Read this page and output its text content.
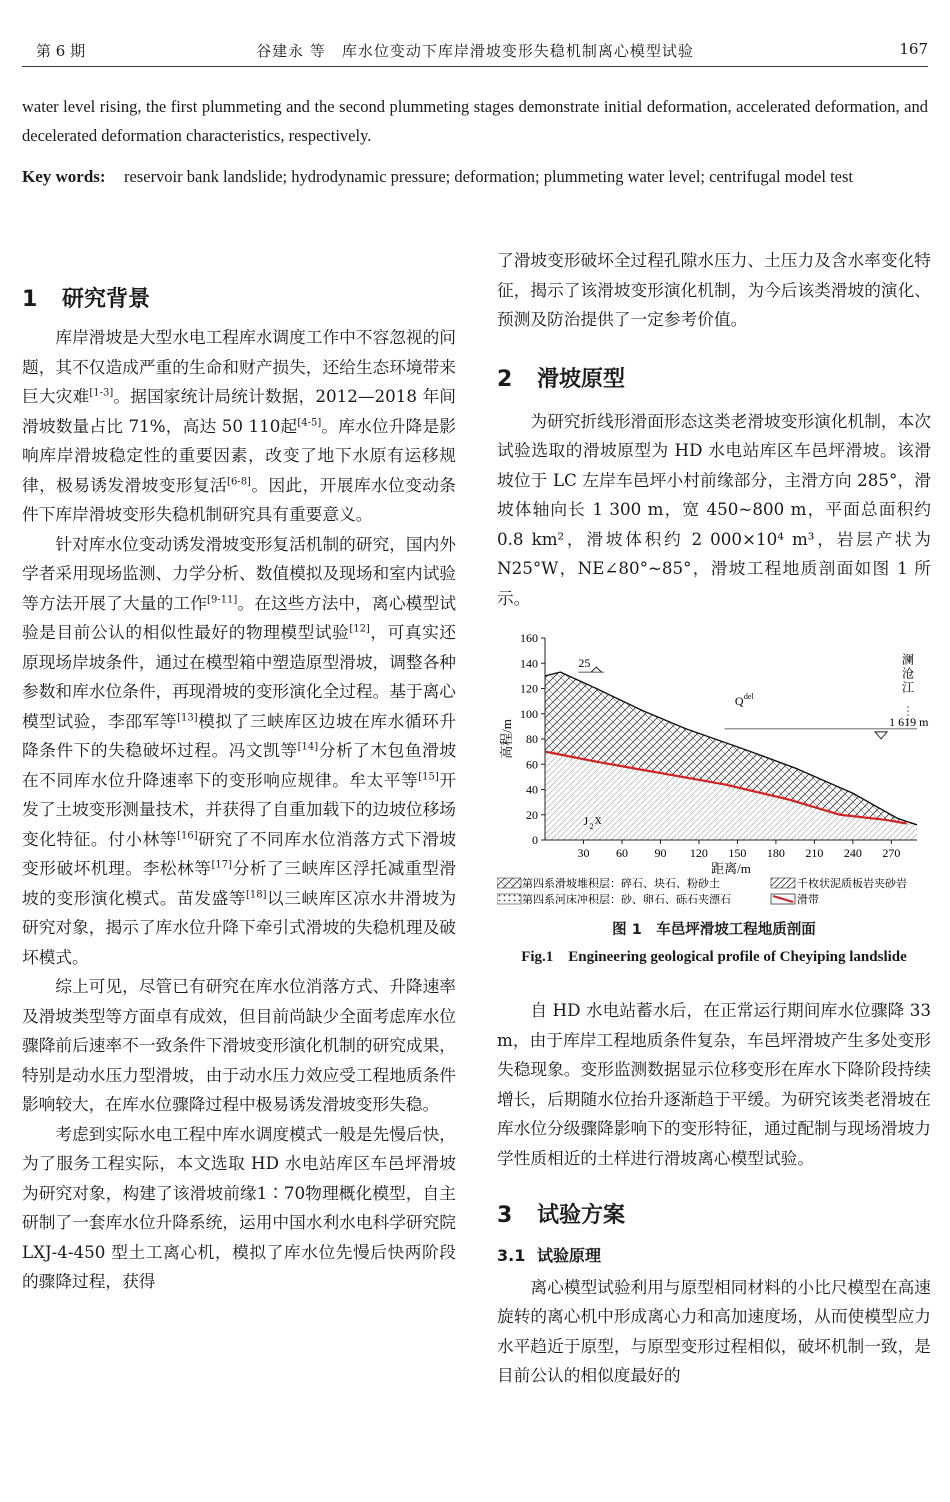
第 6 期	谷建永 等　库水位变动下库岸滑坡变形失稳机制离心模型试验	167
water level rising, the first plummeting and the second plummeting stages demonstrate initial deformation, accelerated deformation, and decelerated deformation characteristics, respectively.
Key words: reservoir bank landslide; hydrodynamic pressure; deformation; plummeting water level; centrifugal model test
1 研究背景

库岸滑坡是大型水电工程库水调度工作中不容忽视的问题，其不仅造成严重的生命和财产损失，还给生态环境带来巨大灾难[1-3]。据国家统计局统计数据，2012—2018 年间滑坡数量占比 71%，高达 50 110起[4-5]。库水位升降是影响库岸滑坡稳定性的重要因素，改变了地下水原有运移规律，极易诱发滑坡变形复活[6-8]。因此，开展库水位变动条件下库岸滑坡变形失稳机制研究具有重要意义。

针对库水位变动诱发滑坡变形复活机制的研究，国内外学者采用现场监测、力学分析、数值模拟及现场和室内试验等方法开展了大量的工作[9-11]。在这些方法中，离心模型试验是目前公认的相似性最好的物理模型试验[12]，可真实还原现场岸坡条件，通过在模型箱中塑造原型滑坡，调整各种参数和库水位条件，再现滑坡的变形演化全过程。基于离心模型试验，李邵军等[13]模拟了三峡库区边坡在库水循环升降条件下的失稳破坏过程。冯文凯等[14]分析了木包鱼滑坡在不同库水位升降速率下的变形响应规律。牟太平等[15]开发了土坡变形测量技术，并获得了自重加载下的边坡位移场变化特征。付小林等[16]研究了不同库水位消落方式下滑坡变形破坏机理。李松林等[17]分析了三峡库区浮托减重型滑坡的变形演化模式。苗发盛等[18]以三峡库区凉水井滑坡为研究对象，揭示了库水位升降下牵引式滑坡的失稳机理及破坏模式。

综上可见，尽管已有研究在库水位消落方式、升降速率及滑坡类型等方面卓有成效，但目前尚缺少全面考虑库水位骤降前后速率不一致条件下滑坡变形演化机制的研究成果，特别是动水压力型滑坡，由于动水压力效应受工程地质条件影响较大，在库水位骤降过程中极易诱发滑坡变形失稳。

考虑到实际水电工程中库水调度模式一般是先慢后快，为了服务工程实际，本文选取 HD 水电站库区车邑坪滑坡为研究对象，构建了该滑坡前缘1∶70物理概化模型，自主研制了一套库水位升降系统，运用中国水利水电科学研究院 LXJ-4-450 型土工离心机，模拟了库水位先慢后快两阶段的骤降过程，获得

了滑坡变形破坏全过程孔隙水压力、土压力及含水率变化特征，揭示了该滑坡变形演化机制，为今后该类滑坡的演化、预测及防治提供了一定参考价值。

2 滑坡原型

为研究折线形滑面形态这类老滑坡变形演化机制，本次试验选取的滑坡原型为 HD 水电站库区车邑坪滑坡。该滑坡位于 LC 左岸车邑坪小村前缘部分，主滑方向 285°，滑坡体轴向长 1 300 m，宽 450~800 m，平面总面积约0.8 km²，滑坡体积约 2 000×10⁴ m³，岩层产状为 N25°W，NE∠80°~85°，滑坡工程地质剖面如图 1 所示。

0
20
40
60
80
100
120
140
160
30 60 90 120 150 180 210 240 270
距离/m
高程/m	1 619 m
澜
沧
江
Q del
25
J 2 X
第四系滑坡堆积层：碎石、块石、粉砂土	千枚状泥质板岩夹砂岩
第四系河床冲积层：砂、卵石、砾石夹漂石	滑带
图 1　车邑坪滑坡工程地质剖面
Fig.1　Engineering geological profile of Cheyiping landslide

自 HD 水电站蓄水后，在正常运行期间库水位骤降 33 m，由于库岸工程地质条件复杂，车邑坪滑坡产生多处变形失稳现象。变形监测数据显示位移变形在库水下降阶段持续增长，后期随水位抬升逐渐趋于平缓。为研究该类老滑坡在库水位分级骤降影响下的变形特征，通过配制与现场滑坡力学性质相近的土样进行滑坡离心模型试验。

3 试验方案
3.1 试验原理

离心模型试验利用与原型相同材料的小比尺模型在高速旋转的离心机中形成离心力和高加速度场，从而使模型应力水平趋近于原型，与原型变形过程相似，破坏机制一致，是目前公认的相似度最好的
